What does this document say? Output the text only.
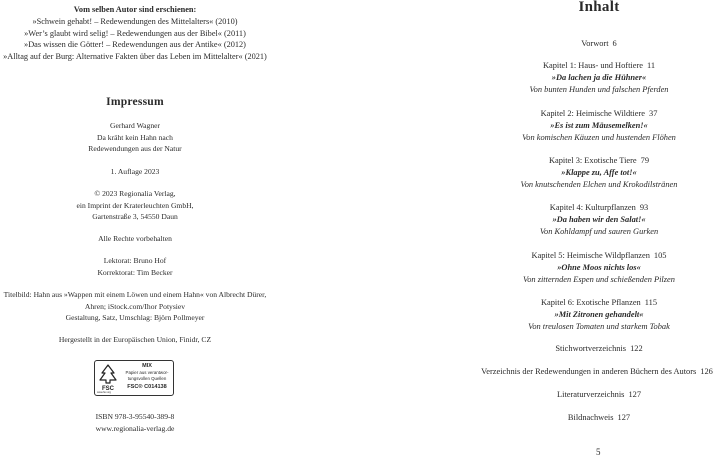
Vom selben Autor sind erschienen:
»Schwein gehabt! – Redewendungen des Mittelalters« (2010)
»Wer’s glaubt wird selig! – Redewendungen aus der Bibel« (2011)
»Das wissen die Götter! – Redewendungen aus der Antike« (2012)
»Alltag auf der Burg: Alternative Fakten über das Leben im Mittelalter« (2021)
Impressum
Gerhard Wagner
Da kräht kein Hahn nach
Redewendungen aus der Natur
1. Auflage 2023
© 2023 Regionalia Verlag,
ein Imprint der Kraterleuchten GmbH,
Gartenstraße 3, 54550 Daun
Alle Rechte vorbehalten
Lektorat: Bruno Hof
Korrektorat: Tim Becker
Titelbild: Hahn aus »Wappen mit einem Löwen und einem Hahn« von Albrecht Dürer,
Ahren; iStock.com/Ihor Potysiev
Gestaltung, Satz, Umschlag: Björn Pollmeyer
Hergestellt in der Europäischen Union, Finidr, CZ
FSC
MIX
Papier aus verantwor-
tungsvollen Quellen
FSC® C014138
www.fsc.org
ISBN 978-3-95540-389-8
www.regionalia-verlag.de
Inhalt
Vorwort 6
Kapitel 1: Haus- und Hoftiere 11
»Da lachen ja die Hühner«
Von bunten Hunden und falschen Pferden
Kapitel 2: Heimische Wildtiere 37
»Es ist zum Mäusemelken!«
Von komischen Käuzen und hustenden Flöhen
Kapitel 3: Exotische Tiere 79
»Klappe zu, Affe tot!«
Von knutschenden Elchen und Krokodilstränen
Kapitel 4: Kulturpflanzen 93
»Da haben wir den Salat!«
Von Kohldampf und sauren Gurken
Kapitel 5: Heimische Wildpflanzen 105
»Ohne Moos nichts los«
Von zitternden Espen und schießenden Pilzen
Kapitel 6: Exotische Pflanzen 115
»Mit Zitronen gehandelt«
Von treulosen Tomaten und starkem Tobak
Stichwortverzeichnis 122
Verzeichnis der Redewendungen in anderen Büchern des Autors 126
Literaturverzeichnis 127
Bildnachweis 127
5
